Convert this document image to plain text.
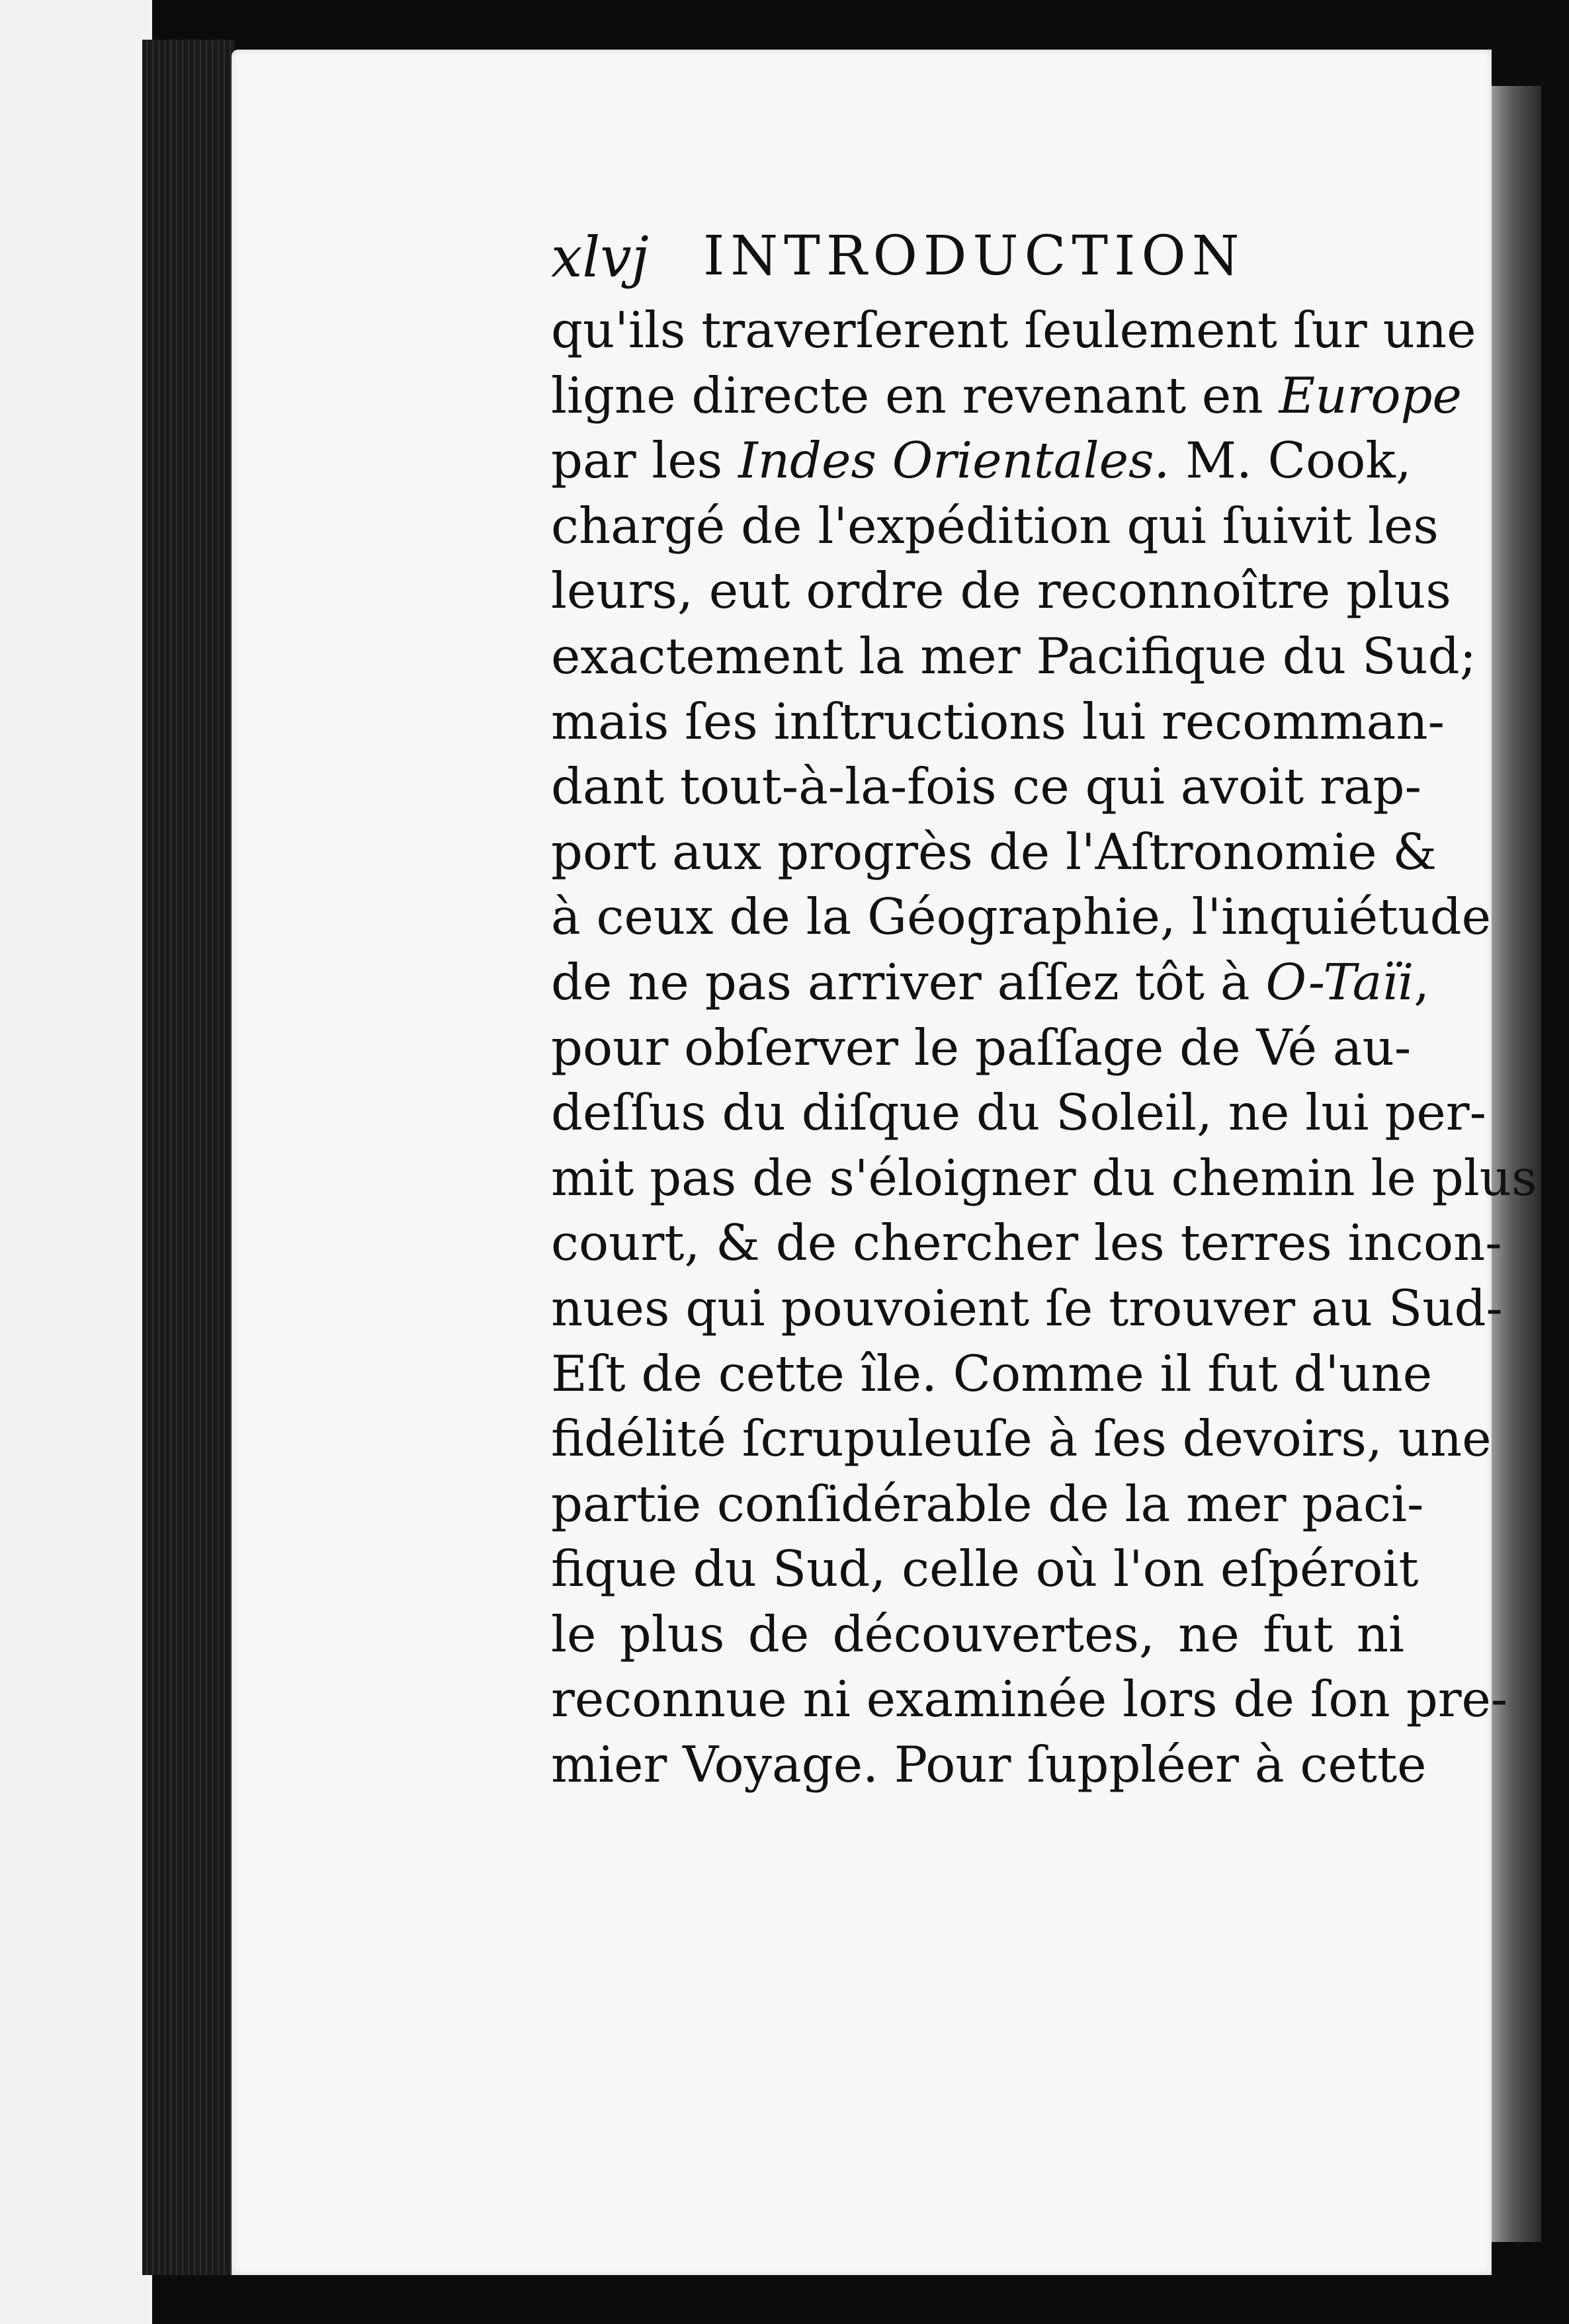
xlvj INTRODUCTION
qu'ils traverſerent ſeulement ſur une
ligne directe en revenant en Europe
par les Indes Orientales. M. Cook,
chargé de l'expédition qui ſuivit les
leurs, eut ordre de reconnoître plus
exactement la mer Pacifique du Sud;
mais ſes inſtructions lui recomman-
dant tout-à-la-fois ce qui avoit rap-
port aux progrès de l'Aſtronomie &
à ceux de la Géographie, l'inquiétude
de ne pas arriver aſſez tôt à O-Taïi,
pour obſerver le paſſage de Vé au-
deſſus du diſque du Soleil, ne lui per-
mit pas de s'éloigner du chemin le plus
court, & de chercher les terres incon-
nues qui pouvoient ſe trouver au Sud-
Eſt de cette île. Comme il fut d'une
fidélité ſcrupuleuſe à ſes devoirs, une
partie conſidérable de la mer paci-
fique du Sud, celle où l'on eſpéroit
le plus de découvertes, ne fut ni
reconnue ni examinée lors de ſon pre-
mier Voyage. Pour ſuppléer à cette
